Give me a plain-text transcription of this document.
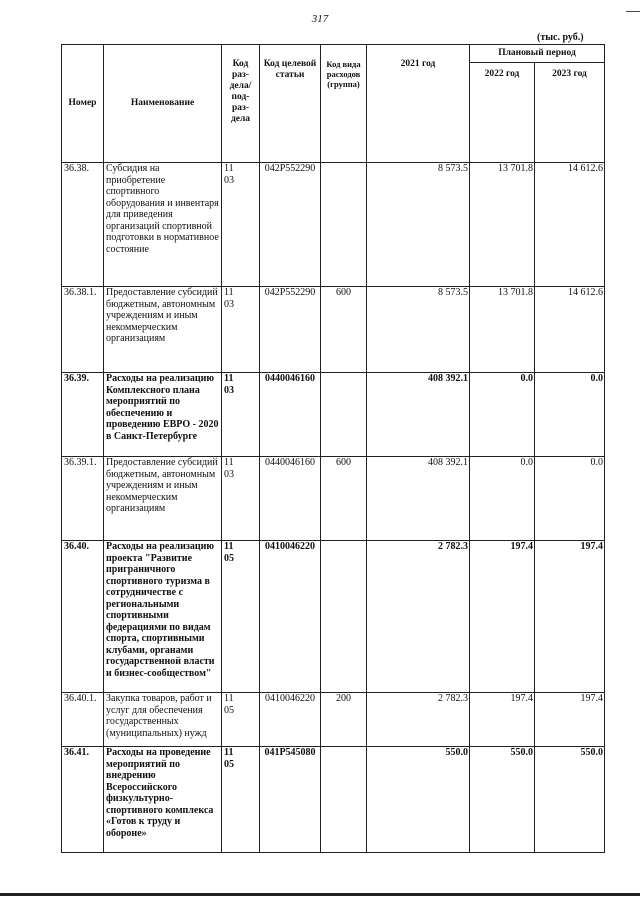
317
(тыс. руб.)
Номер	Наименование	Код раз- дела/ под- раз- дела	Код целевой статьи	Код вида расходов (группа)	2021 год	Плановый период	
						2022 год	2023 год
36.38.	Субсидия на приобретение спортивного оборудования и инвентаря для приведения организаций спортивной подготовки в нормативное состояние	1103	042P552290		8 573.5	13 701.8	14 612.6
36.38.1.	Предоставление субсидий бюджетным, автономным учреждениям и иным некоммерческим организациям	1103	042P552290	600	8 573.5	13 701.8	14 612.6
36.39.	Расходы на реализацию Комплексного плана мероприятий по обеспечению и проведению ЕВРО - 2020 в Санкт-Петербурге	1103	0440046160		408 392.1	0.0	0.0
36.39.1.	Предоставление субсидий бюджетным, автономным учреждениям и иным некоммерческим организациям	1103	0440046160	600	408 392.1	0.0	0.0
36.40.	Расходы на реализацию проекта "Развитие приграничного спортивного туризма в сотрудничестве с региональными спортивными федерациями по видам спорта, спортивными клубами, органами государственной власти и бизнес-сообществом"	1105	0410046220		2 782.3	197.4	197.4
36.40.1.	Закупка товаров, работ и услуг для обеспечения государственных (муниципальных) нужд	1105	0410046220	200	2 782.3	197.4	197.4
36.41.	Расходы на проведение мероприятий по внедрению Всероссийского физкультурно-спортивного комплекса «Готов к труду и обороне»	1105	041P545080		550.0	550.0	550.0
